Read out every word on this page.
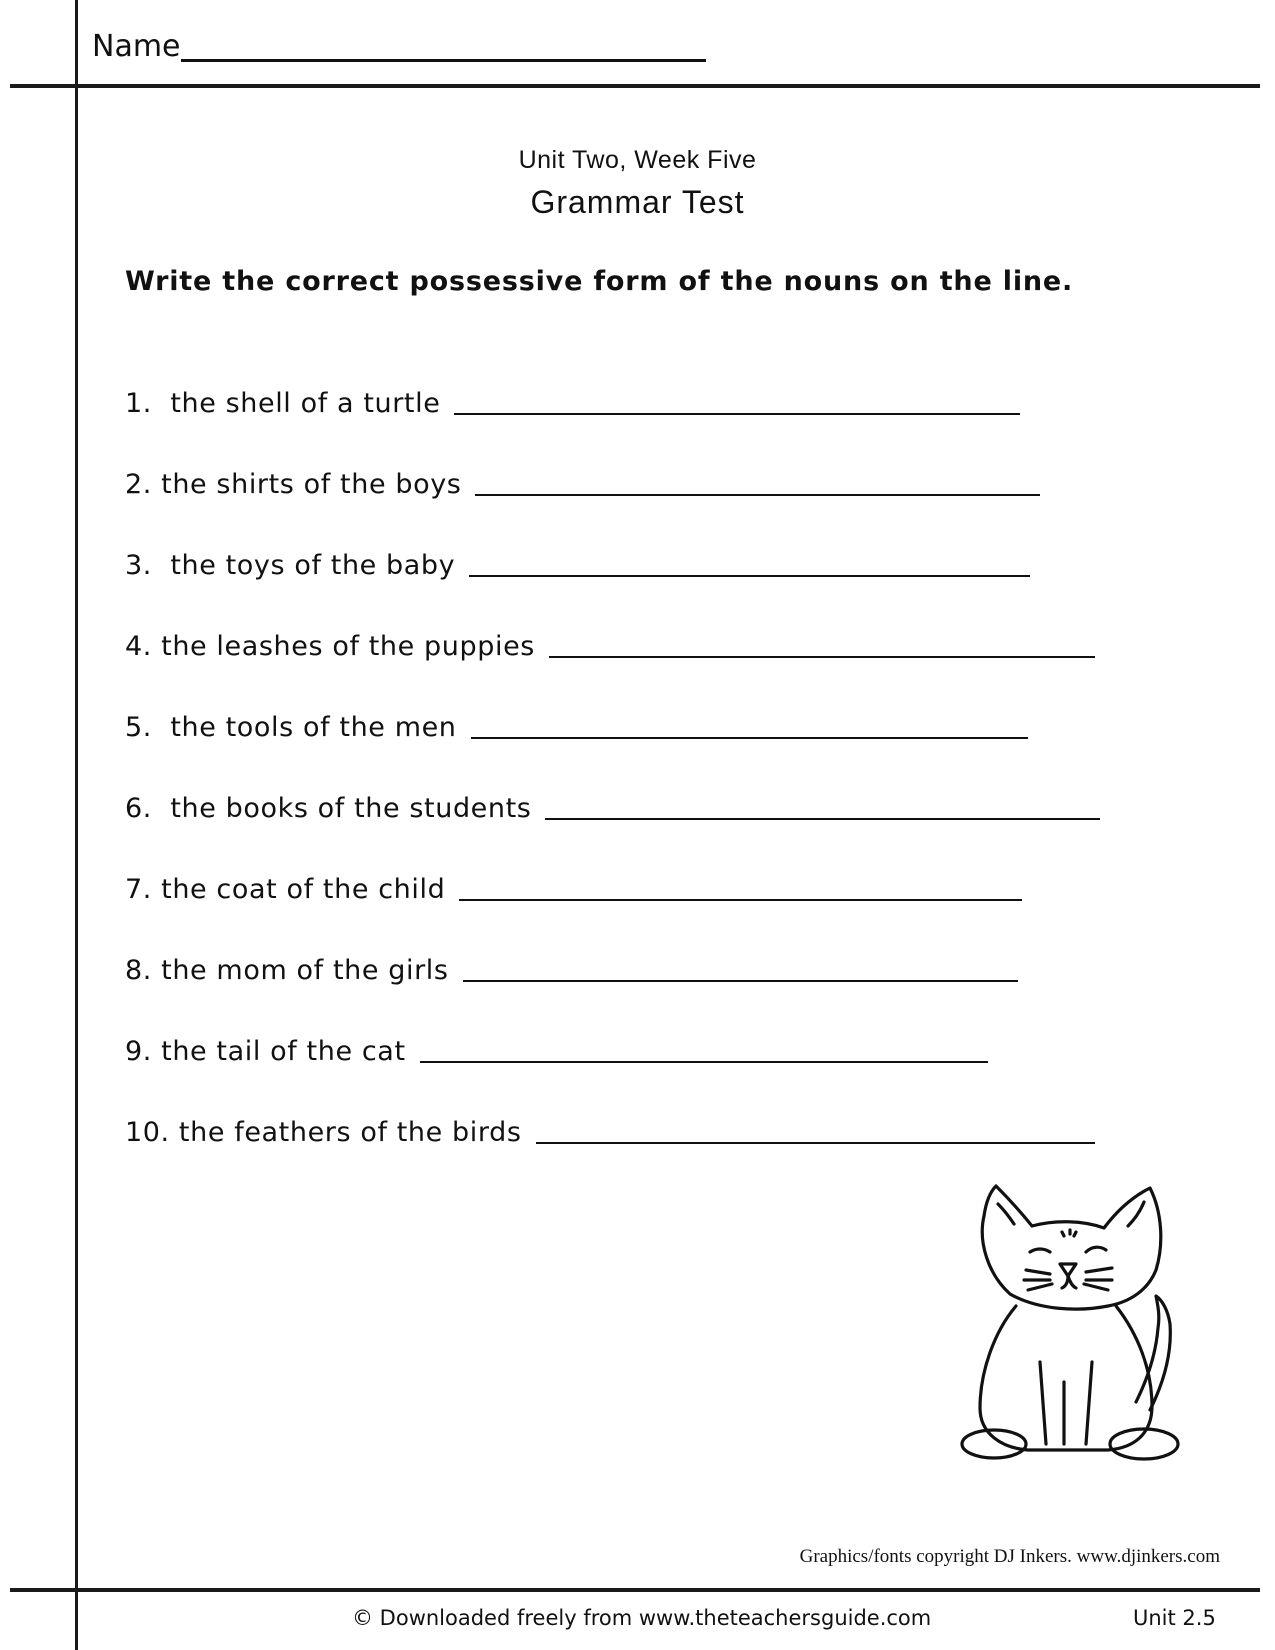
Name
Unit Two, Week Five
Grammar Test
Write the correct possessive form of the nouns on the line.
1.  the shell of a turtle
2. the shirts of the boys
3.  the toys of the baby
4. the leashes of the puppies
5.  the tools of the men
6.  the books of the students
7. the coat of the child
8. the mom of the girls
9. the tail of the cat
10. the feathers of the birds
Graphics/fonts copyright DJ Inkers. www.djinkers.com
© Downloaded freely from www.theteachersguide.com	Unit 2.5
